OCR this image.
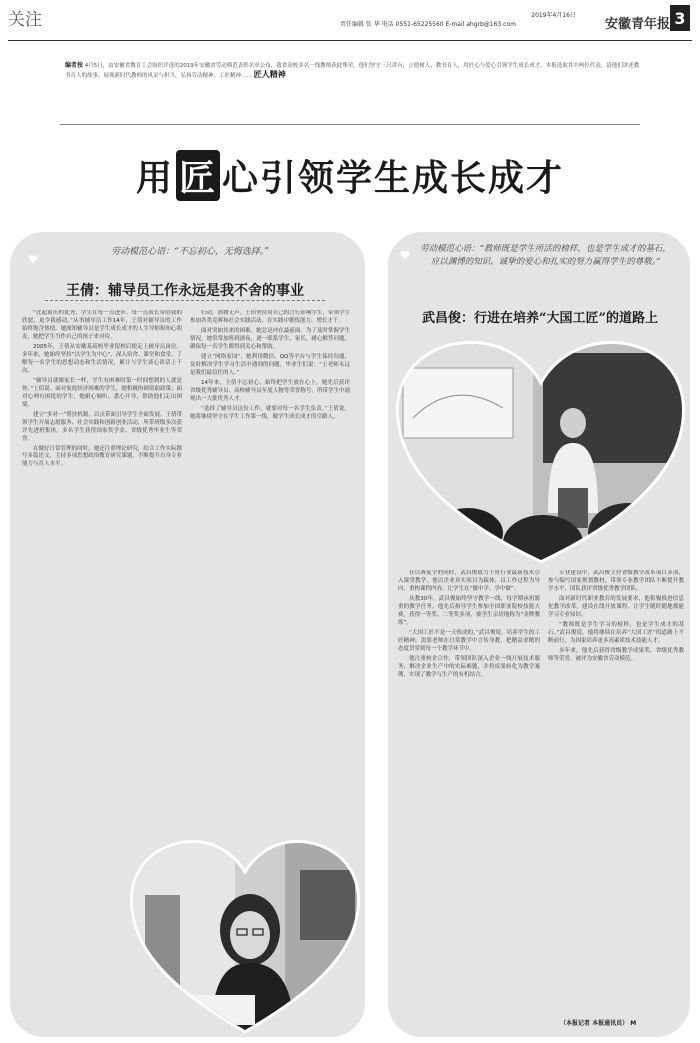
关注	2019年4月16日
责任编辑 张 华 电话 0551-65225560 E-mail ahgrb@163.com	安徽青年报 3
编者按 4月5日，由安徽省教育工会组织评选的2019年安徽省劳动模范表彰名单公布，我省高校多名一线教师获此殊荣。他们坚守三尺讲台，立德树人、教书育人，用匠心与爱心引领学生成长成才。本报选取其中两位代表，请他们讲述教书育人的故事，展现新时代教师的风采与担当，弘扬劳动精神、工匠精神…… 匠人精神
用 匠 心引领学生成长成才
劳动模范心语：“不忘初心，无悔选择。”
王倩：辅导员工作永远是我不舍的事业

“比起简历的优秀，学生在每一点进步、每一点成长带给我的欣慰，更令我感动。”从事辅导员工作14年，王倩对辅导员的工作始终饱含热情。她深知辅导员是学生成长成才的人生导师和知心朋友，她把学生当作自己的孩子来对待。

2005年，王倩从安徽某高校毕业留校后便走上辅导员岗位。多年来，她始终坚持“以学生为中心”，深入宿舍、课堂和食堂，了解每一名学生的思想动态和生活情况，累计与学生谈心谈话上千次。

“辅导员就像家长一样，学生有困难时第一时间想到的人就是你。”王倩说。面对家庭经济困难的学生，她积极协调资助政策；面对心理有困扰的学生，她耐心倾听、悉心开导，帮助他们走出困境。

建立“多对一”帮扶机制，以点带面引导学生全面发展。王倩带领学生开展志愿服务、社会实践和创新创业活动，所带班级多次获评先进班集体，多名学生获得国家奖学金、省级优秀毕业生等荣誉。

在做好日常管理的同时，她还注重理论研究，结合工作实际撰写多篇论文，主持多项思想政治教育研究课题，不断提升自身专业能力与育人水平。

行动，润物无声。王倩坚持用自己的言行影响学生，带领学生参加各类竞赛和社会实践活动，在实践中锻炼能力、增长才干。

面对突如其来的困难，她总是冲在最前面。为了及时掌握学生情况，她常常加班到深夜，逐一联系学生、家长，耐心解答问题，确保每一名学生都得到关心和帮助。

建立“网络家园”，她利用微信、QQ等平台与学生保持沟通，及时解决学生学习生活中遇到的问题。毕业生们说：“王老师永远是我们最信任的人。”

14年来，王倩不忘初心，始终把学生放在心上。她先后获评省级优秀辅导员、高校辅导员年度人物等荣誉称号，所带学生中涌现出一大批优秀人才。

“选择了辅导员这份工作，就要对每一名学生负责。”王倩说，她将继续坚守在学生工作第一线，做学生成长成才的引路人。

劳动模范心语：“教师既是学生所活的榜样，也是学生成才的基石，应以渊博的知识、诚挚的爱心和扎实的努力赢得学生的尊敬。”
武昌俊：行进在培养“大国工匠”的道路上

在以赛促学的同时，武昌俊致力于将行业最新技术引入课堂教学，他以企业真实项目为载体，以工作过程为导向，重构课程内容，让学生在“做中学、学中做”。

从教30年，武昌俊始终坚守教学一线，每学期承担繁重的教学任务。他先后指导学生参加全国职业院校技能大赛，获得一等奖、二等奖多项，被学生亲切地称为“金牌教练”。

“大国工匠不是一天炼成的。”武昌俊说，培养学生的工匠精神，需要老师在日常教学中言传身教，把精益求精的态度贯穿到每一个教学环节中。

他注重校企合作，带领团队深入企业一线开展技术服务，解决企业生产中的实际难题，并将成果转化为教学案例，实现了教学与生产的有机结合。

专业建设中，武昌俊主持省级教学改革项目多项，参与编写国家规划教材，带领专业教学团队不断提升教学水平，团队获评省级优秀教学团队。

面对新时代职业教育的发展要求，他积极推进信息化教学改革，建设在线开放课程，让学生随时随地都能学习专业知识。

“教师既是学生学习的榜样，也是学生成才的基石。”武昌俊说，他将继续在培养“大国工匠”的道路上不断前行，为国家培养更多高素质技术技能人才。

多年来，他先后获得省级教学成果奖、省级优秀教师等荣誉，被评为安徽省劳动模范。

（本报记者 本报通讯员） M
